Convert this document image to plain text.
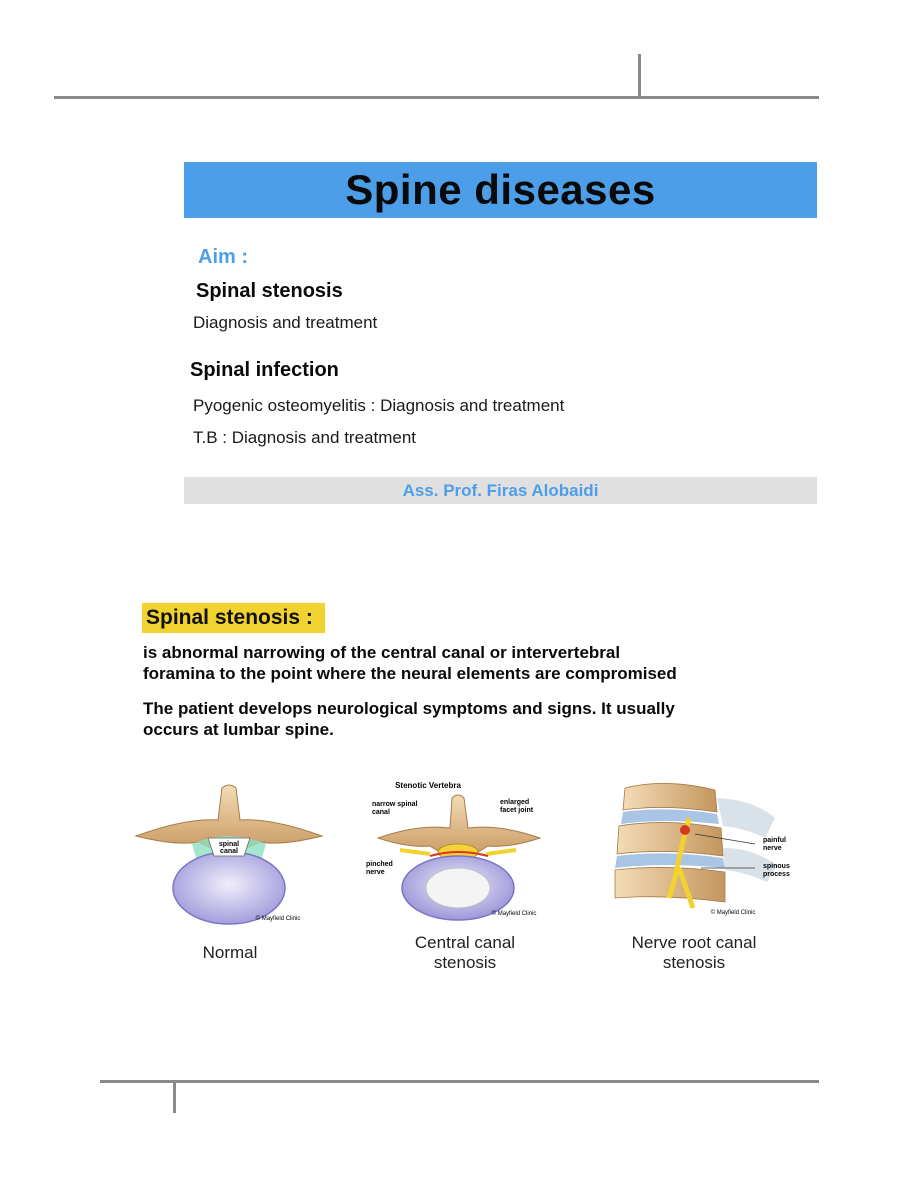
Spine diseases
Aim :
Spinal stenosis
Diagnosis and treatment
Spinal infection
Pyogenic osteomyelitis : Diagnosis and treatment
T.B : Diagnosis and treatment
Ass. Prof. Firas Alobaidi
Spinal stenosis :
is abnormal narrowing of the central canal or intervertebral
foramina to the point where the neural elements are compromised
The patient develops neurological symptoms and signs. It usually
occurs at lumbar spine.
spinal
canal
© Mayfield Clinic
Normal
Stenotic Vertebra
narrow spinal
canal
enlarged
facet joint
pinched
nerve
© Mayfield Clinic
Central canal
stenosis
painful
nerve
spinous
process
© Mayfield Clinic
Nerve root canal
stenosis
